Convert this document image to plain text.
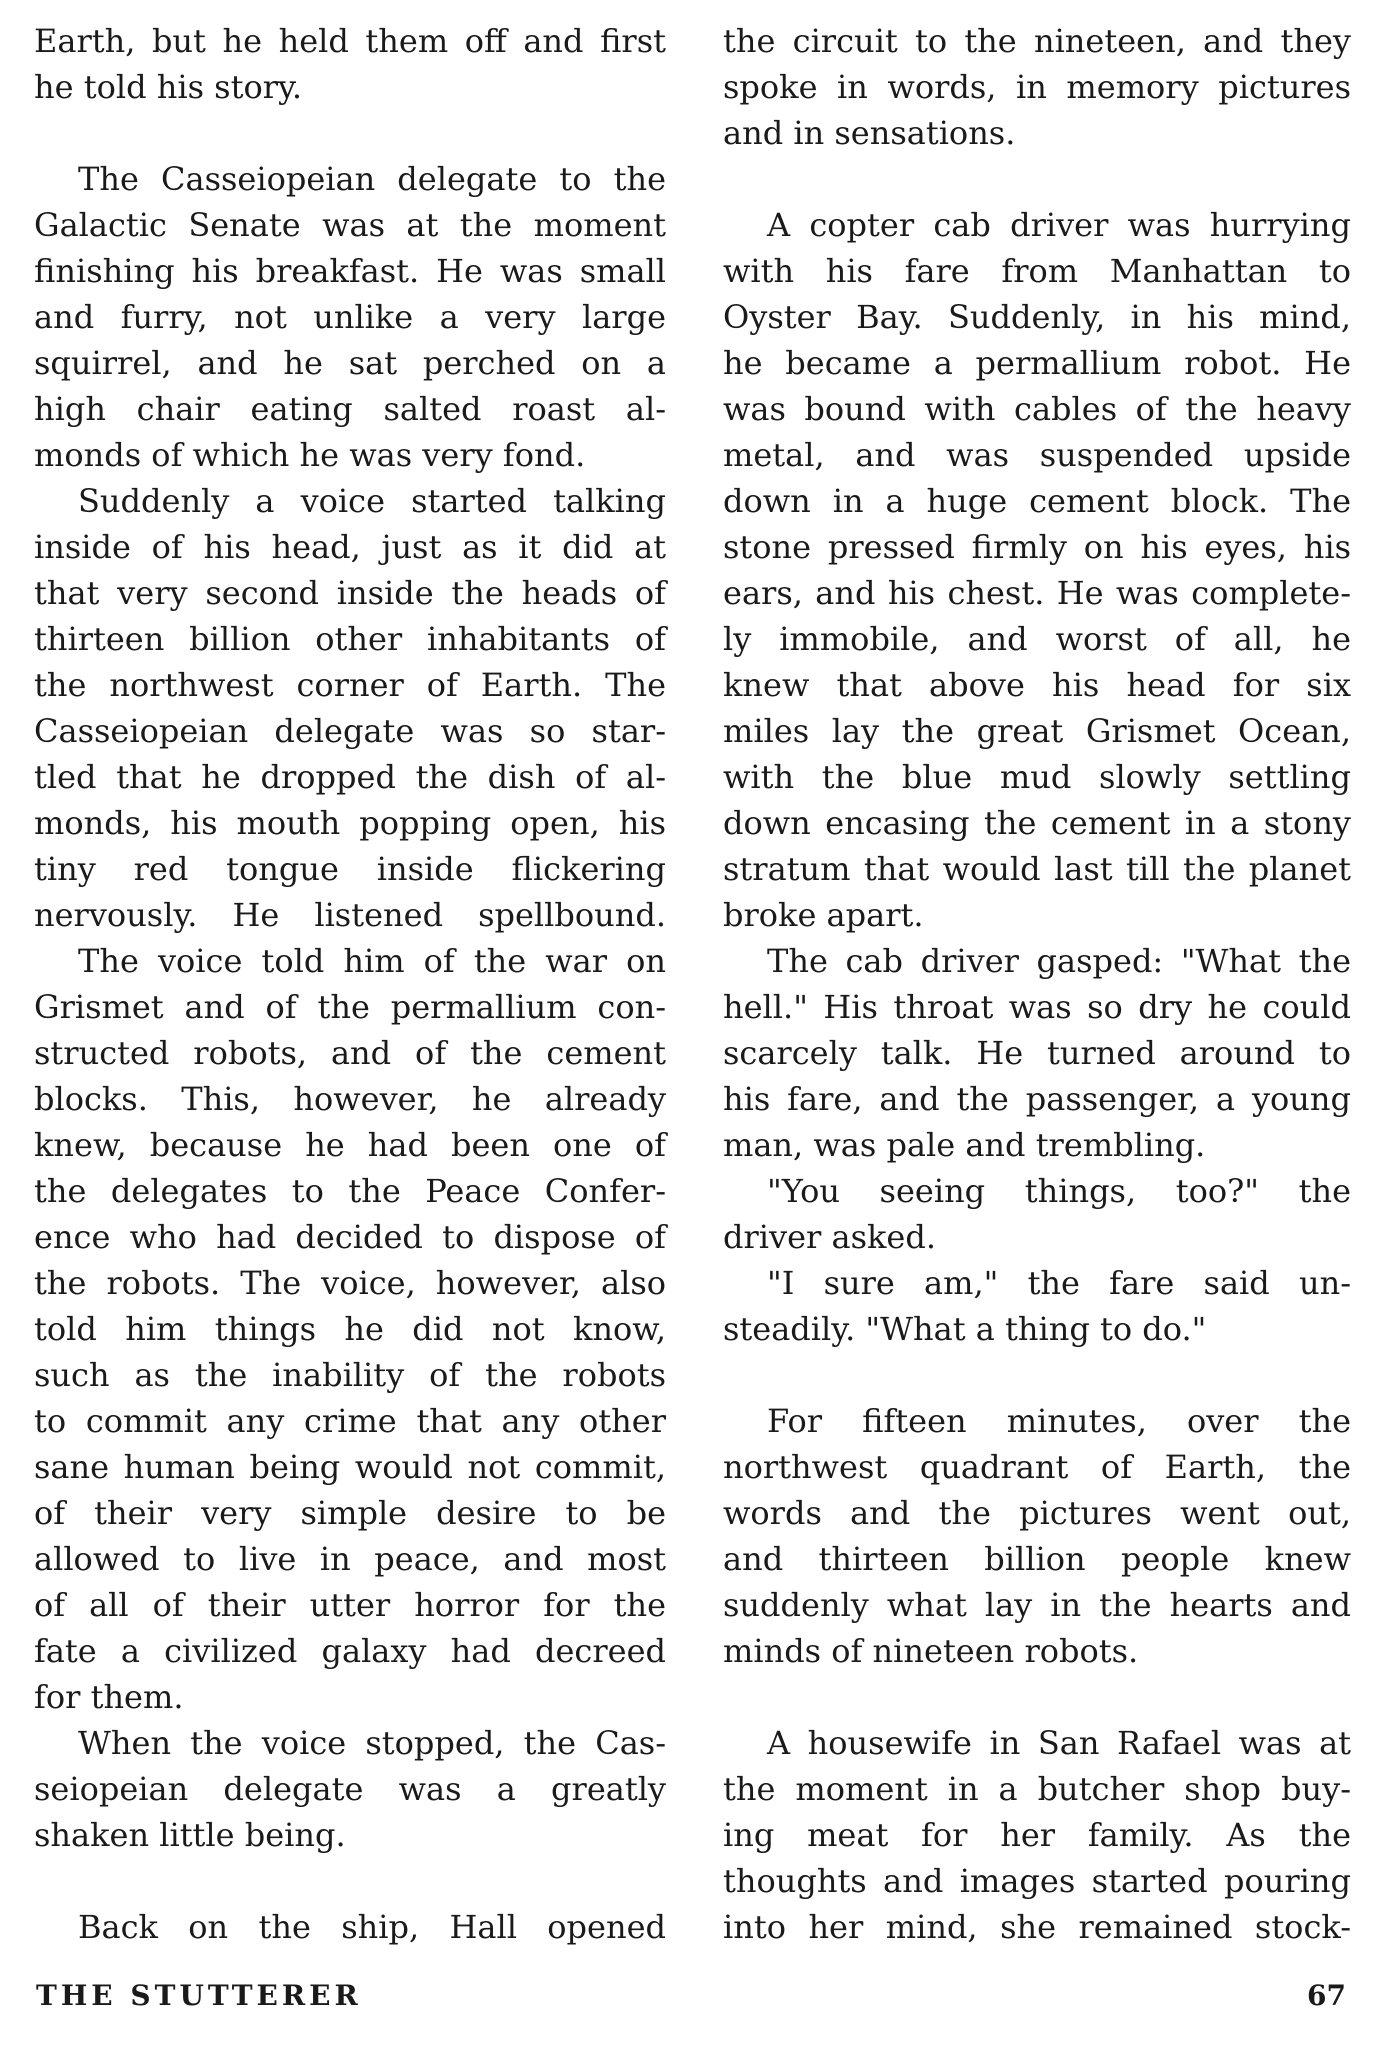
Earth, but he held them off and first
he told his story.
The Casseiopeian delegate to the
Galactic Senate was at the moment
finishing his breakfast. He was small
and furry, not unlike a very large
squirrel, and he sat perched on a
high chair eating salted roast al-
monds of which he was very fond.
Suddenly a voice started talking
inside of his head, just as it did at
that very second inside the heads of
thirteen billion other inhabitants of
the northwest corner of Earth. The
Casseiopeian delegate was so star-
tled that he dropped the dish of al-
monds, his mouth popping open, his
tiny red tongue inside flickering
nervously. He listened spellbound.
The voice told him of the war on
Grismet and of the permallium con-
structed robots, and of the cement
blocks. This, however, he already
knew, because he had been one of
the delegates to the Peace Confer-
ence who had decided to dispose of
the robots. The voice, however, also
told him things he did not know,
such as the inability of the robots
to commit any crime that any other
sane human being would not commit,
of their very simple desire to be
allowed to live in peace, and most
of all of their utter horror for the
fate a civilized galaxy had decreed
for them.
When the voice stopped, the Cas-
seiopeian delegate was a greatly
shaken little being.
Back on the ship, Hall opened
the circuit to the nineteen, and they
spoke in words, in memory pictures
and in sensations.
A copter cab driver was hurrying
with his fare from Manhattan to
Oyster Bay. Suddenly, in his mind,
he became a permallium robot. He
was bound with cables of the heavy
metal, and was suspended upside
down in a huge cement block. The
stone pressed firmly on his eyes, his
ears, and his chest. He was complete-
ly immobile, and worst of all, he
knew that above his head for six
miles lay the great Grismet Ocean,
with the blue mud slowly settling
down encasing the cement in a stony
stratum that would last till the planet
broke apart.
The cab driver gasped: "What the
hell." His throat was so dry he could
scarcely talk. He turned around to
his fare, and the passenger, a young
man, was pale and trembling.
"You seeing things, too?" the
driver asked.
"I sure am," the fare said un-
steadily. "What a thing to do."
For fifteen minutes, over the
northwest quadrant of Earth, the
words and the pictures went out,
and thirteen billion people knew
suddenly what lay in the hearts and
minds of nineteen robots.
A housewife in San Rafael was at
the moment in a butcher shop buy-
ing meat for her family. As the
thoughts and images started pouring
into her mind, she remained stock-
THE STUTTERER	67
